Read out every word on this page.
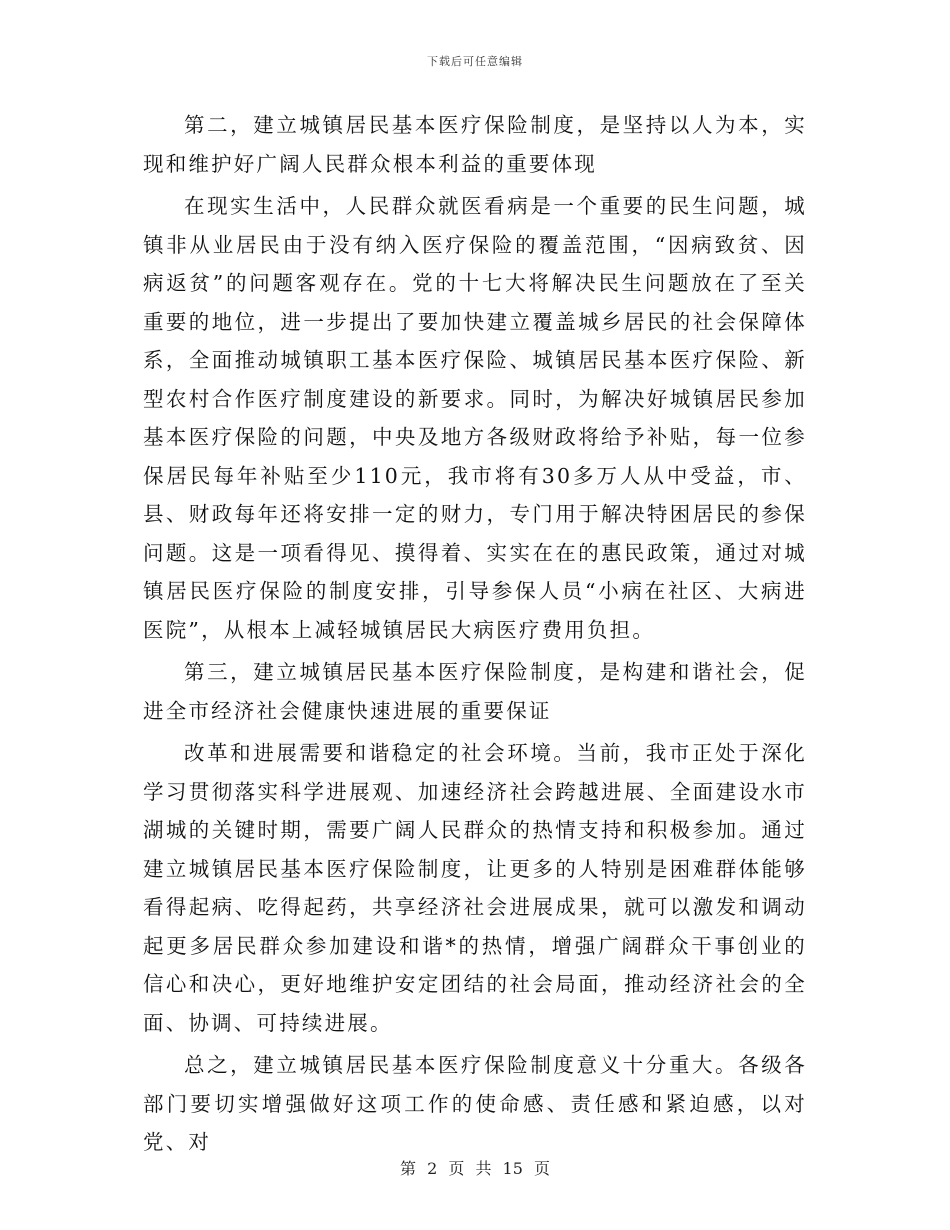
下载后可任意编辑

第二，建立城镇居民基本医疗保险制度，是坚持以人为本，实现和维护好广阔人民群众根本利益的重要体现

在现实生活中，人民群众就医看病是一个重要的民生问题，城镇非从业居民由于没有纳入医疗保险的覆盖范围，“因病致贫、因病返贫”的问题客观存在。党的十七大将解决民生问题放在了至关重要的地位，进一步提出了要加快建立覆盖城乡居民的社会保障体系，全面推动城镇职工基本医疗保险、城镇居民基本医疗保险、新型农村合作医疗制度建设的新要求。同时，为解决好城镇居民参加基本医疗保险的问题，中央及地方各级财政将给予补贴，每一位参保居民每年补贴至少110元，我市将有30多万人从中受益，市、县、财政每年还将安排一定的财力，专门用于解决特困居民的参保问题。这是一项看得见、摸得着、实实在在的惠民政策，通过对城镇居民医疗保险的制度安排，引导参保人员“小病在社区、大病进医院”，从根本上减轻城镇居民大病医疗费用负担。

第三，建立城镇居民基本医疗保险制度，是构建和谐社会，促进全市经济社会健康快速进展的重要保证

改革和进展需要和谐稳定的社会环境。当前，我市正处于深化学习贯彻落实科学进展观、加速经济社会跨越进展、全面建设水市湖城的关键时期，需要广阔人民群众的热情支持和积极参加。通过建立城镇居民基本医疗保险制度，让更多的人特别是困难群体能够看得起病、吃得起药，共享经济社会进展成果，就可以激发和调动起更多居民群众参加建设和谐*的热情，增强广阔群众干事创业的信心和决心，更好地维护安定团结的社会局面，推动经济社会的全面、协调、可持续进展。

总之，建立城镇居民基本医疗保险制度意义十分重大。各级各部门要切实增强做好这项工作的使命感、责任感和紧迫感，以对党、对

第 2 页 共 15 页
